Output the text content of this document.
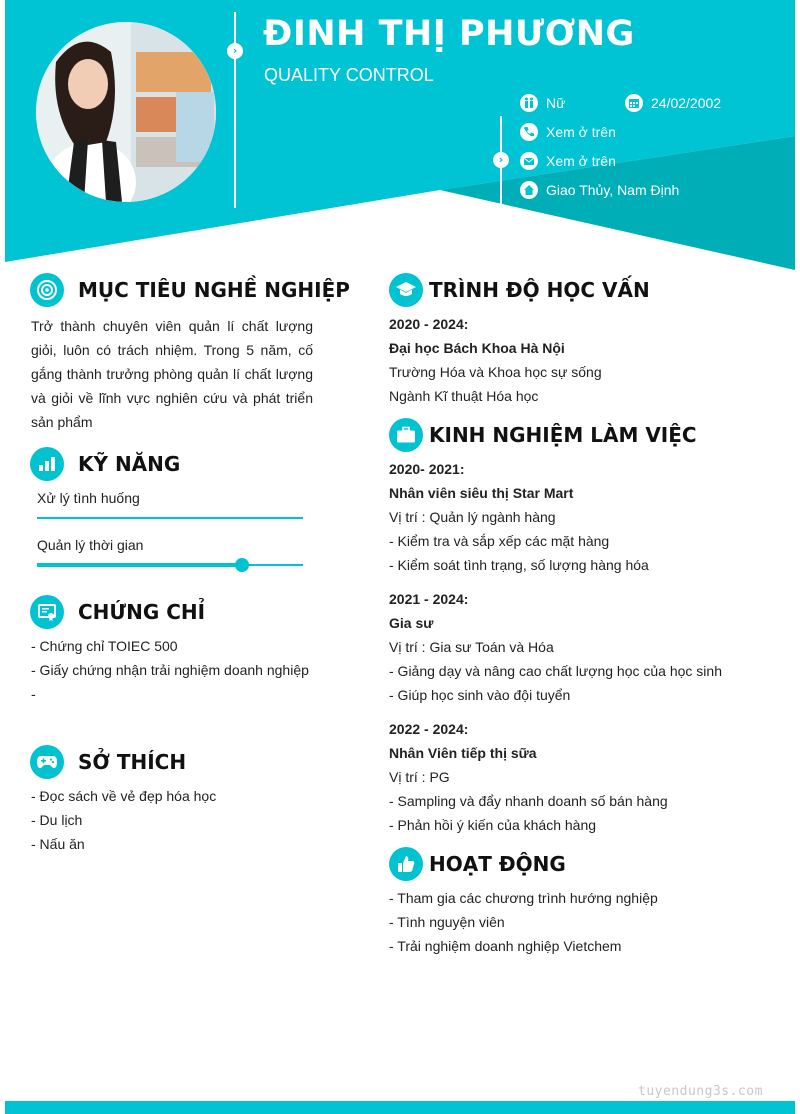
› ĐINH THỊ PHƯƠNG
QUALITY CONTROL
›
Nữ	24/02/2002
Xem ở trên
Xem ở trên
Giao Thủy, Nam Định
MỤC TIÊU NGHỀ NGHIỆP
Trở thành chuyên viên quản lí chất lượng giỏi, luôn có trách nhiệm. Trong 5 năm, cố gắng thành trưởng phòng quản lí chất lượng và giỏi về lĩnh vực nghiên cứu và phát triển sản phẩm
KỸ NĂNG
Xử lý tình huống
Quản lý thời gian
CHỨNG CHỈ
- Chứng chỉ TOIEC 500
- Giấy chứng nhận trải nghiệm doanh nghiệp
-
SỞ THÍCH
- Đọc sách về vẻ đẹp hóa học
- Du lịch
- Nấu ăn
TRÌNH ĐỘ HỌC VẤN
2020 - 2024:
Đại học Bách Khoa Hà Nội
Trường Hóa và Khoa học sự sống
Ngành Kĩ thuật Hóa học
KINH NGHIỆM LÀM VIỆC
2020- 2021:
Nhân viên siêu thị Star Mart
Vị trí : Quản lý ngành hàng
- Kiểm tra và sắp xếp các mặt hàng
- Kiểm soát tình trạng, số lượng hàng hóa
2021 - 2024:
Gia sư
Vị trí : Gia sư Toán và Hóa
- Giảng dạy và nâng cao chất lượng học của học sinh
- Giúp học sinh vào đội tuyển
2022 - 2024:
Nhân Viên tiếp thị sữa
Vị trí : PG
- Sampling và đẩy nhanh doanh số bán hàng
- Phản hồi ý kiến của khách hàng
HOẠT ĐỘNG
- Tham gia các chương trình hướng nghiệp
- Tình nguyện viên
- Trải nghiệm doanh nghiệp Vietchem
tuyendung3s.com
